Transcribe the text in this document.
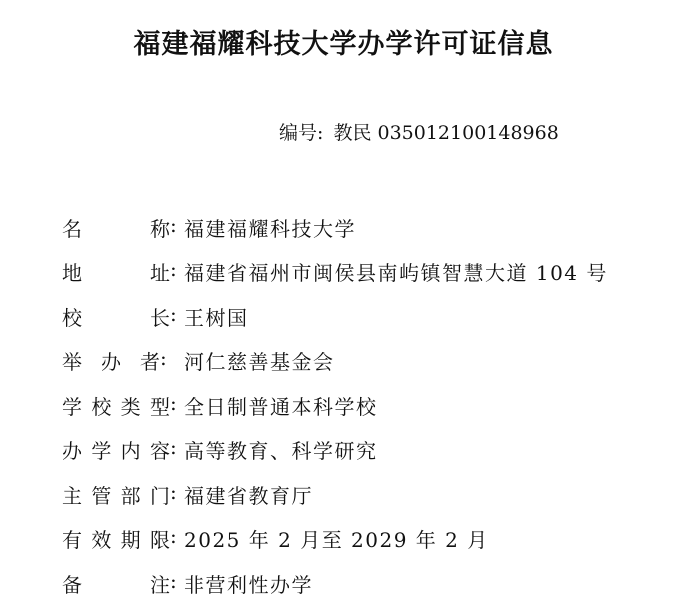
福建福耀科技大学办学许可证信息
编号: 教民 035012100148968
名	称 : 福建福耀科技大学
地	址 : 福建省福州市闽侯县南屿镇智慧大道 104 号
校	长 : 王树国
举 办 者 : 河仁慈善基金会
学 校 类 型 : 全日制普通本科学校
办 学 内 容 : 高等教育、科学研究
主 管 部 门 : 福建省教育厅
有 效 期 限 : 2025 年 2 月至 2029 年 2 月
备	注 : 非营利性办学
